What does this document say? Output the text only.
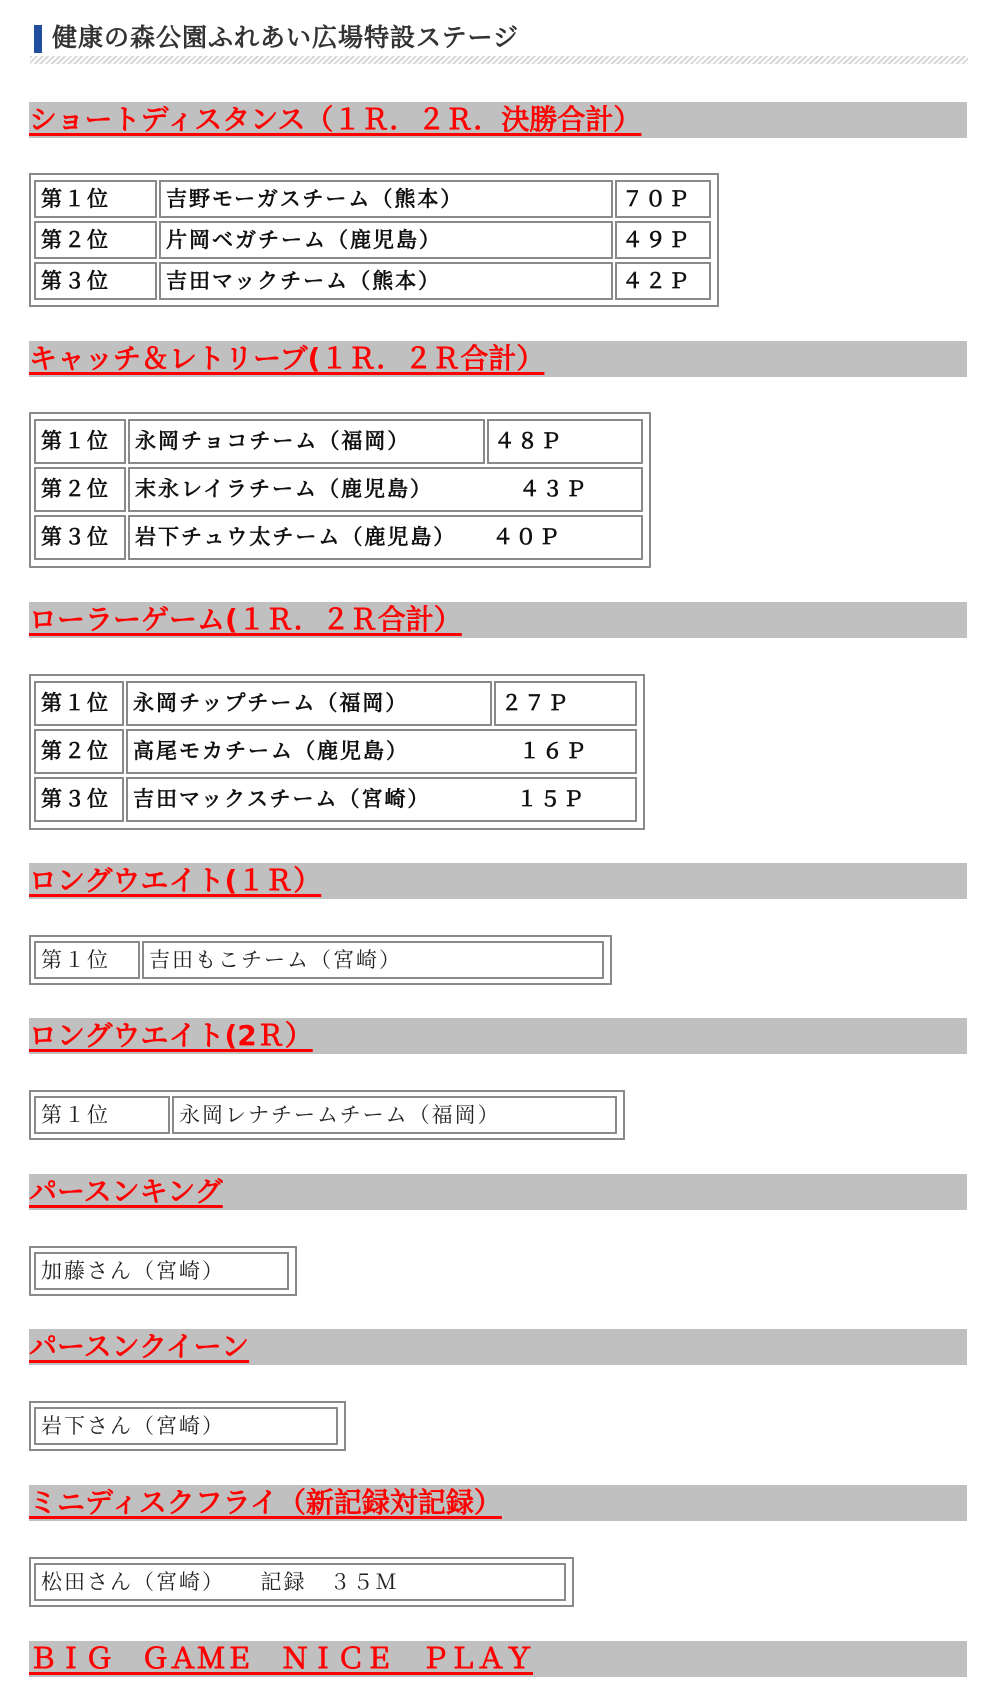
健康の森公園ふれあい広場特設ステージ
ショートディスタンス（１Ｒ．２Ｒ．決勝合計）
第１位	吉野モーガスチーム（熊本）	７０Ｐ
第２位	片岡ベガチーム（鹿児島）	４９Ｐ
第３位	吉田マックチーム（熊本）	４２Ｐ
キャッチ＆レトリーブ(１Ｒ．２Ｒ合計）
第１位	永岡チョコチーム（福岡）	４８Ｐ
第２位	末永レイラチーム（鹿児島）	４３Ｐ
第３位	岩下チュウ太チーム（鹿児島） ４０Ｐ
ローラーゲーム(１Ｒ．２Ｒ合計）
第１位	永岡チップチーム（福岡）	２７Ｐ
第２位	高尾モカチーム（鹿児島）	１６Ｐ
第３位	吉田マックスチーム（宮崎）	１５Ｐ
ロングウエイト(１Ｒ）
第１位	吉田もこチーム（宮崎）
ロングウエイト(2Ｒ）
第１位	永岡レナチームチーム（福岡）
パースンキング
加藤さん（宮崎）
パースンクイーン
岩下さん（宮崎）
ミニディスクフライ（新記録対記録）
松田さん（宮崎）　　記録　３５Ｍ
ＢＩＧ　ＧＡＭＥ　ＮＩＣＥ　ＰＬＡＹ
